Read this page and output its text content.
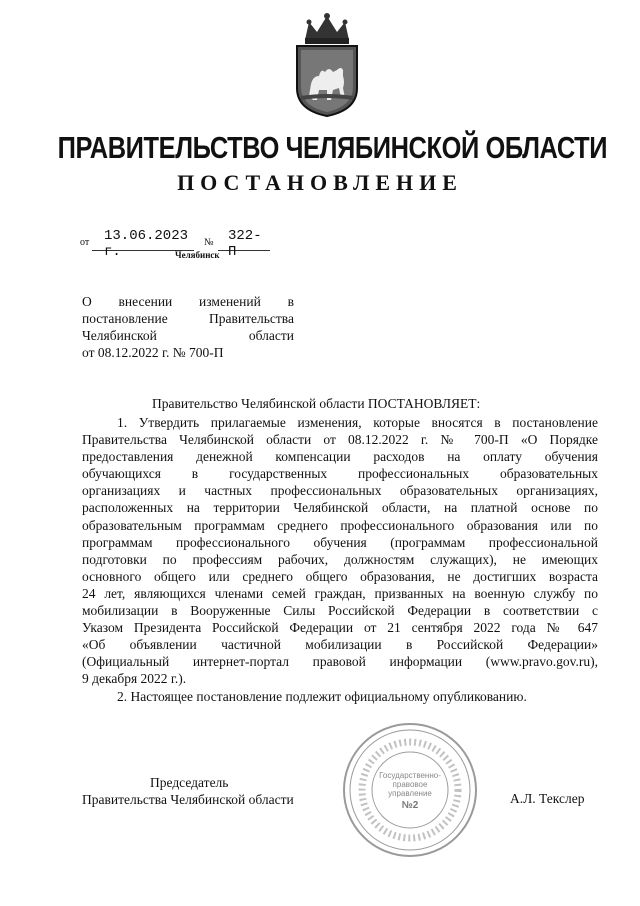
ПРАВИТЕЛЬСТВО ЧЕЛЯБИНСКОЙ ОБЛАСТИ
ПОСТАНОВЛЕНИЕ
от 13.06.2023 г.
№ 322-П
Челябинск
О внесении изменений в
постановление Правительства
Челябинской области
от 08.12.2022 г. № 700-П
Правительство Челябинской области ПОСТАНОВЛЯЕТ:
1. Утвердить прилагаемые изменения, которые вносятся в постановление
Правительства Челябинской области от 08.12.2022 г. № 700-П «О Порядке
предоставления денежной компенсации расходов на оплату обучения
обучающихся в государственных профессиональных образовательных
организациях и частных профессиональных образовательных организациях,
расположенных на территории Челябинской области, на платной основе по
образовательным программам среднего профессионального образования или по
программам профессионального обучения (программам профессиональной
подготовки по профессиям рабочих, должностям служащих), не имеющих
основного общего или среднего общего образования, не достигших возраста
24 лет, являющихся членами семей граждан, призванных на военную службу по
мобилизации в Вооруженные Силы Российской Федерации в соответствии с
Указом Президента Российской Федерации от 21 сентября 2022 года № 647
«Об объявлении частичной мобилизации в Российской Федерации»
(Официальный интернет-портал правовой информации (www.pravo.gov.ru),
9 декабря 2022 г.).
2. Настоящее постановление подлежит официальному опубликованию.
Государственно-
правовое
управление
№2
Председатель
Правительства Челябинской области	А.Л. Текслер
